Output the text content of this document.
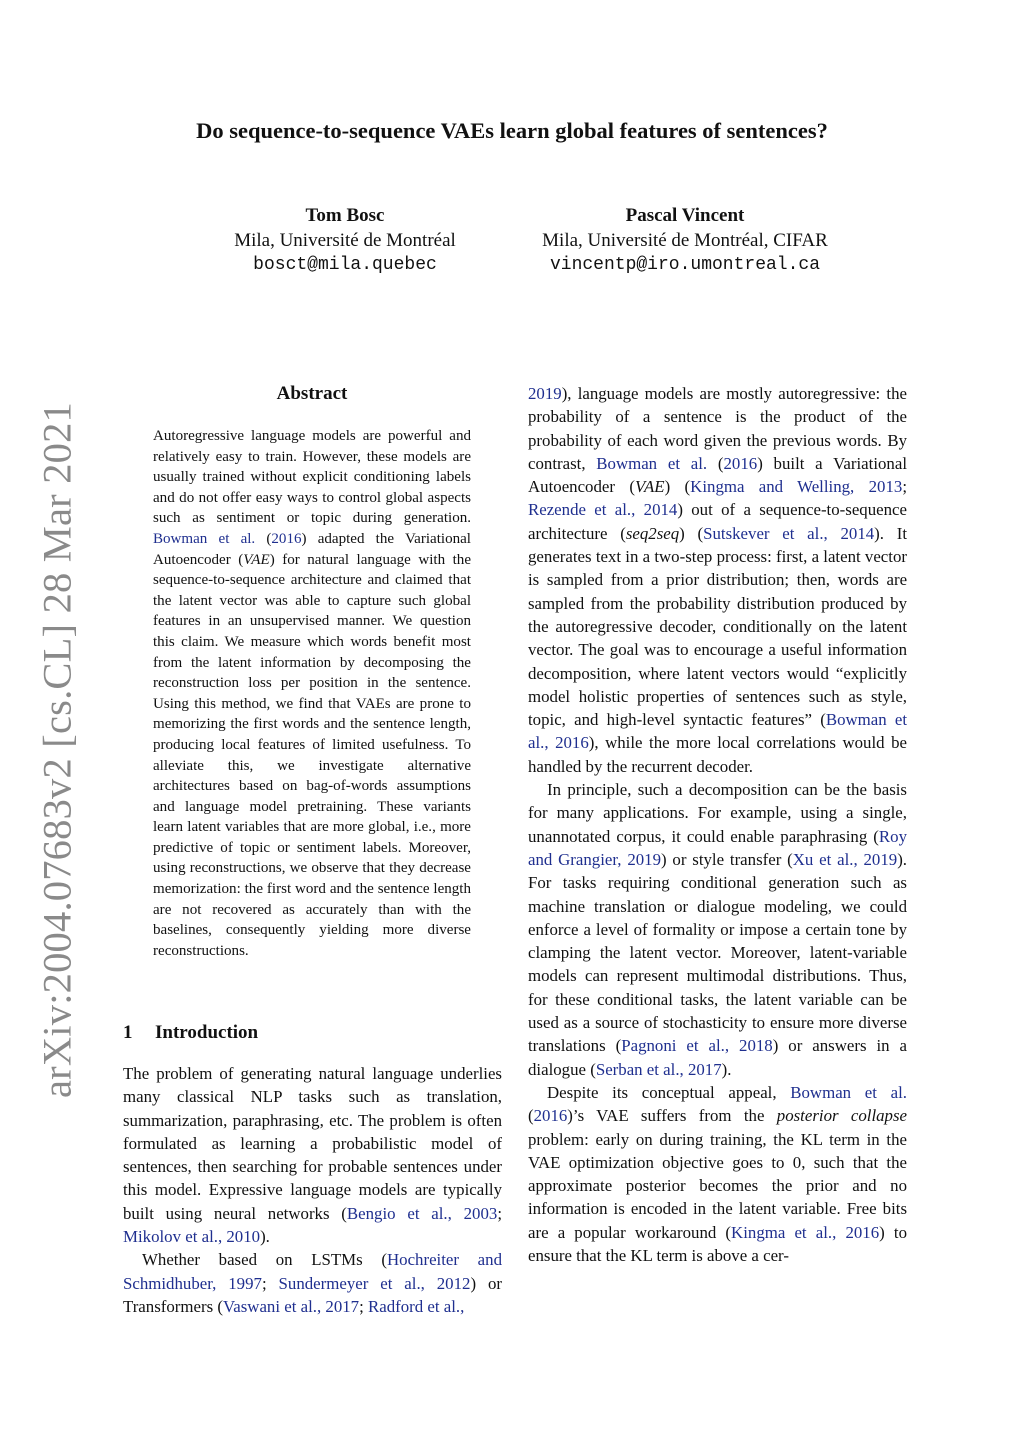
arXiv:2004.07683v2 [cs.CL] 28 Mar 2021
Do sequence-to-sequence VAEs learn global features of sentences?
Tom Bosc
Mila, Université de Montréal
bosct@mila.quebec
Pascal Vincent
Mila, Université de Montréal, CIFAR
vincentp@iro.umontreal.ca
Abstract
Autoregressive language models are powerful and relatively easy to train. However, these models are usually trained without explicit conditioning labels and do not offer easy ways to control global aspects such as sentiment or topic during generation. Bowman et al. (2016) adapted the Variational Autoencoder (VAE) for natural language with the sequence-to-sequence architecture and claimed that the latent vector was able to capture such global features in an unsupervised manner. We question this claim. We measure which words benefit most from the latent information by decomposing the reconstruction loss per position in the sentence. Using this method, we find that VAEs are prone to memorizing the first words and the sentence length, producing local features of limited usefulness. To alleviate this, we investigate alternative architectures based on bag-of-words assumptions and language model pretraining. These variants learn latent variables that are more global, i.e., more predictive of topic or sentiment labels. Moreover, using reconstructions, we observe that they decrease memorization: the first word and the sentence length are not recovered as accurately than with the baselines, consequently yielding more diverse reconstructions.
1 Introduction

The problem of generating natural language underlies many classical NLP tasks such as translation, summarization, paraphrasing, etc. The problem is often formulated as learning a probabilistic model of sentences, then searching for probable sentences under this model. Expressive language models are typically built using neural networks (Bengio et al., 2003; Mikolov et al., 2010).

Whether based on LSTMs (Hochreiter and Schmidhuber, 1997; Sundermeyer et al., 2012) or Transformers (Vaswani et al., 2017; Radford et al.,

2019), language models are mostly autoregressive: the probability of a sentence is the product of the probability of each word given the previous words. By contrast, Bowman et al. (2016) built a Variational Autoencoder (VAE) (Kingma and Welling, 2013; Rezende et al., 2014) out of a sequence-to-sequence architecture (seq2seq) (Sutskever et al., 2014). It generates text in a two-step process: first, a latent vector is sampled from a prior distribution; then, words are sampled from the probability distribution produced by the autoregressive decoder, conditionally on the latent vector. The goal was to encourage a useful information decomposition, where latent vectors would “explicitly model holistic properties of sentences such as style, topic, and high-level syntactic features” (Bowman et al., 2016), while the more local correlations would be handled by the recurrent decoder.

In principle, such a decomposition can be the basis for many applications. For example, using a single, unannotated corpus, it could enable paraphrasing (Roy and Grangier, 2019) or style transfer (Xu et al., 2019). For tasks requiring conditional generation such as machine translation or dialogue modeling, we could enforce a level of formality or impose a certain tone by clamping the latent vector. Moreover, latent-variable models can represent multimodal distributions. Thus, for these conditional tasks, the latent variable can be used as a source of stochasticity to ensure more diverse translations (Pagnoni et al., 2018) or answers in a dialogue (Serban et al., 2017).

Despite its conceptual appeal, Bowman et al. (2016)’s VAE suffers from the posterior collapse problem: early on during training, the KL term in the VAE optimization objective goes to 0, such that the approximate posterior becomes the prior and no information is encoded in the latent variable. Free bits are a popular workaround (Kingma et al., 2016) to ensure that the KL term is above a cer-
